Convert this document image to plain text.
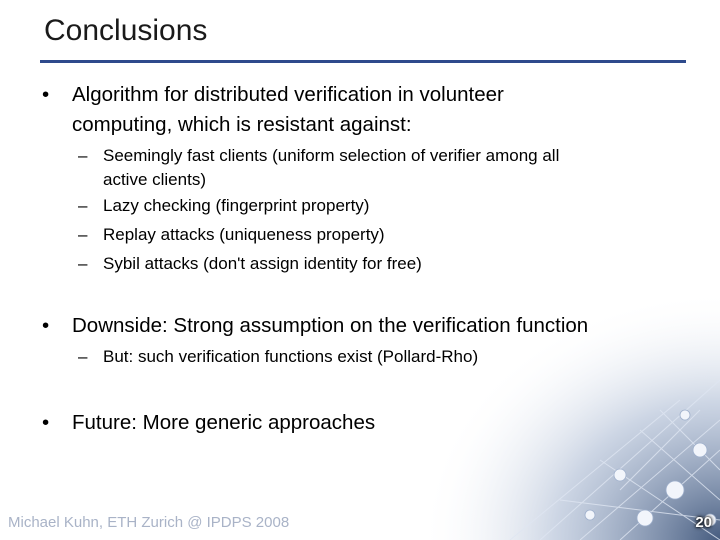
Conclusions
• Algorithm for distributed verification in volunteer
computing, which is resistant against:
– Seemingly fast clients (uniform selection of verifier among all
active clients)
– Lazy checking (fingerprint property)
– Replay attacks (uniqueness property)
– Sybil attacks (don't assign identity for free)
• Downside: Strong assumption on the verification function
– But: such verification functions exist (Pollard-Rho)
• Future: More generic approaches
Michael Kuhn, ETH Zurich @ IPDPS 2008	20
